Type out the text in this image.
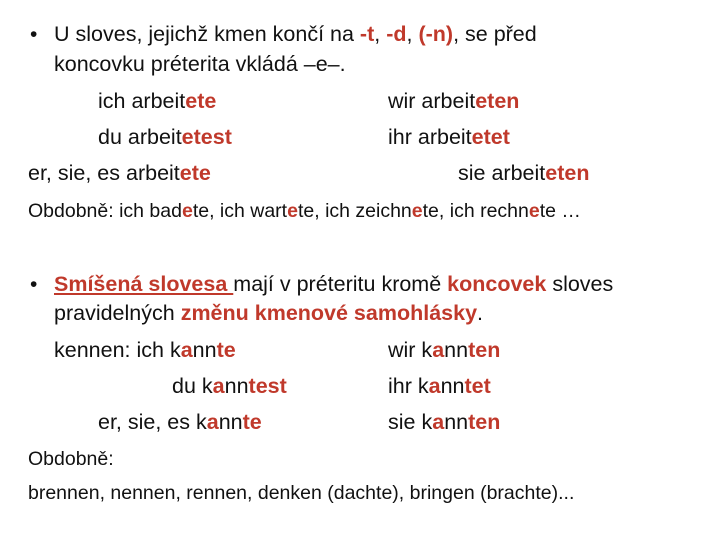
• U sloves, jejichž kmen končí na -t, -d, (-n), se před
koncovku préterita vkládá –e–.
ich arbeitete	wir arbeiteten
du arbeitetest	ihr arbeitetet
er, sie, es arbeitete	sie arbeiteten
Obdobně: ich badete, ich wartete, ich zeichnete, ich rechnete …
• Smíšená slovesa mají v préteritu kromě koncovek sloves
pravidelných změnu kmenové samohlásky.
kennen: ich kannte	wir kannten
du kanntest	ihr kanntet
er, sie, es kannte	sie kannten
Obdobně:
brennen, nennen, rennen, denken (dachte), bringen (brachte)...
